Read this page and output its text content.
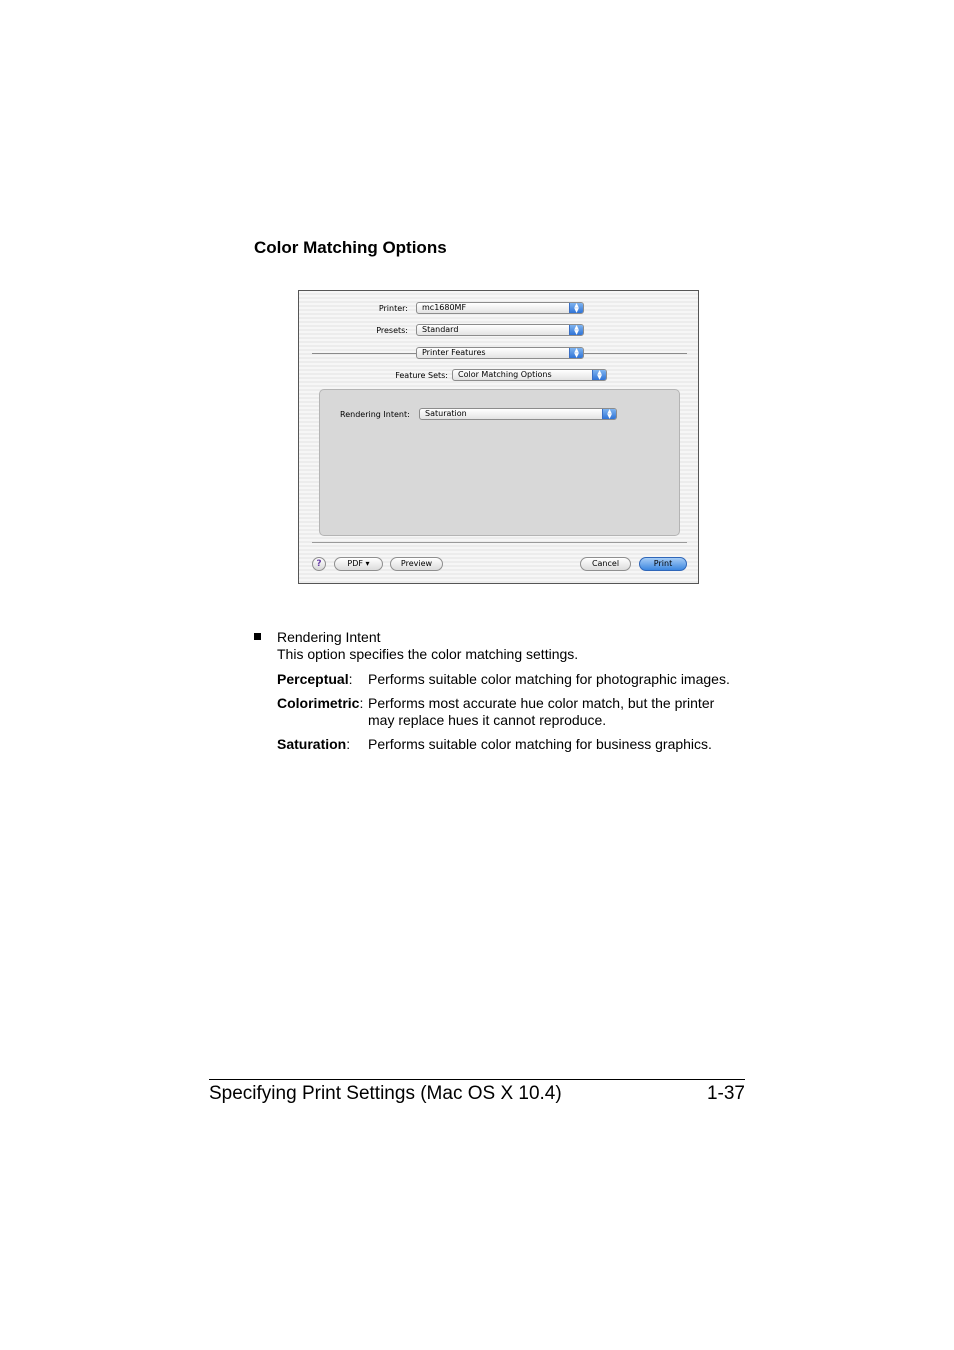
Color Matching Options
Printer:	mc1680MF	▲
▼
Presets:	Standard	▲
▼
Printer Features	▲
▼
Feature Sets:	Color Matching Options	▲
▼
Rendering Intent:	Saturation	▲
▼
?	PDF ▾	Preview	Cancel	Print
Rendering Intent
This option specifies the color matching settings.
Perceptual: Performs suitable color matching for photographic images.
Colorimetric: Performs most accurate hue color match, but the printer
may replace hues it cannot reproduce.
Saturation: Performs suitable color matching for business graphics.
Specifying Print Settings (Mac OS X 10.4)	1-37
